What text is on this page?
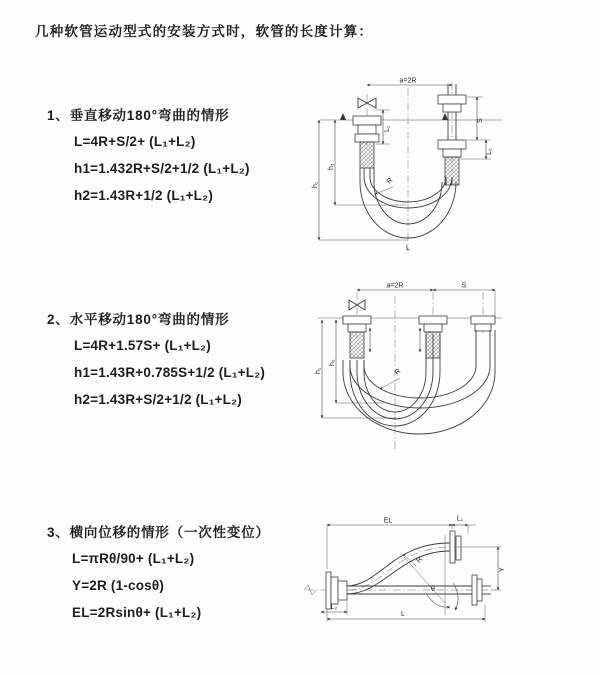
几种软管运动型式的安装方式时，软管的长度计算：
1、垂直移动180°弯曲的情形
L=4R+S/2+ (L₁+L₂)
h1=1.432R+S/2+1/2 (L₁+L₂)
h2=1.43R+1/2 (L₁+L₂)
2、水平移动180°弯曲的情形
L=4R+1.57S+ (L₁+L₂)
h1=1.43R+0.785S+1/2 (L₁+L₂)
h2=1.43R+S/2+1/2 (L₁+L₂)
3、横向位移的情形（一次性变位）
L=πRθ/90+ (L₁+L₂)
Y=2R (1-cosθ)
EL=2Rsinθ+ (L₁+L₂)
a=2R
L₁
S
L₂
h₁
h₂
R
L
a=2R	S
h₁
h₂
R
EL	L₁
Y
θ
R
L₂
L
